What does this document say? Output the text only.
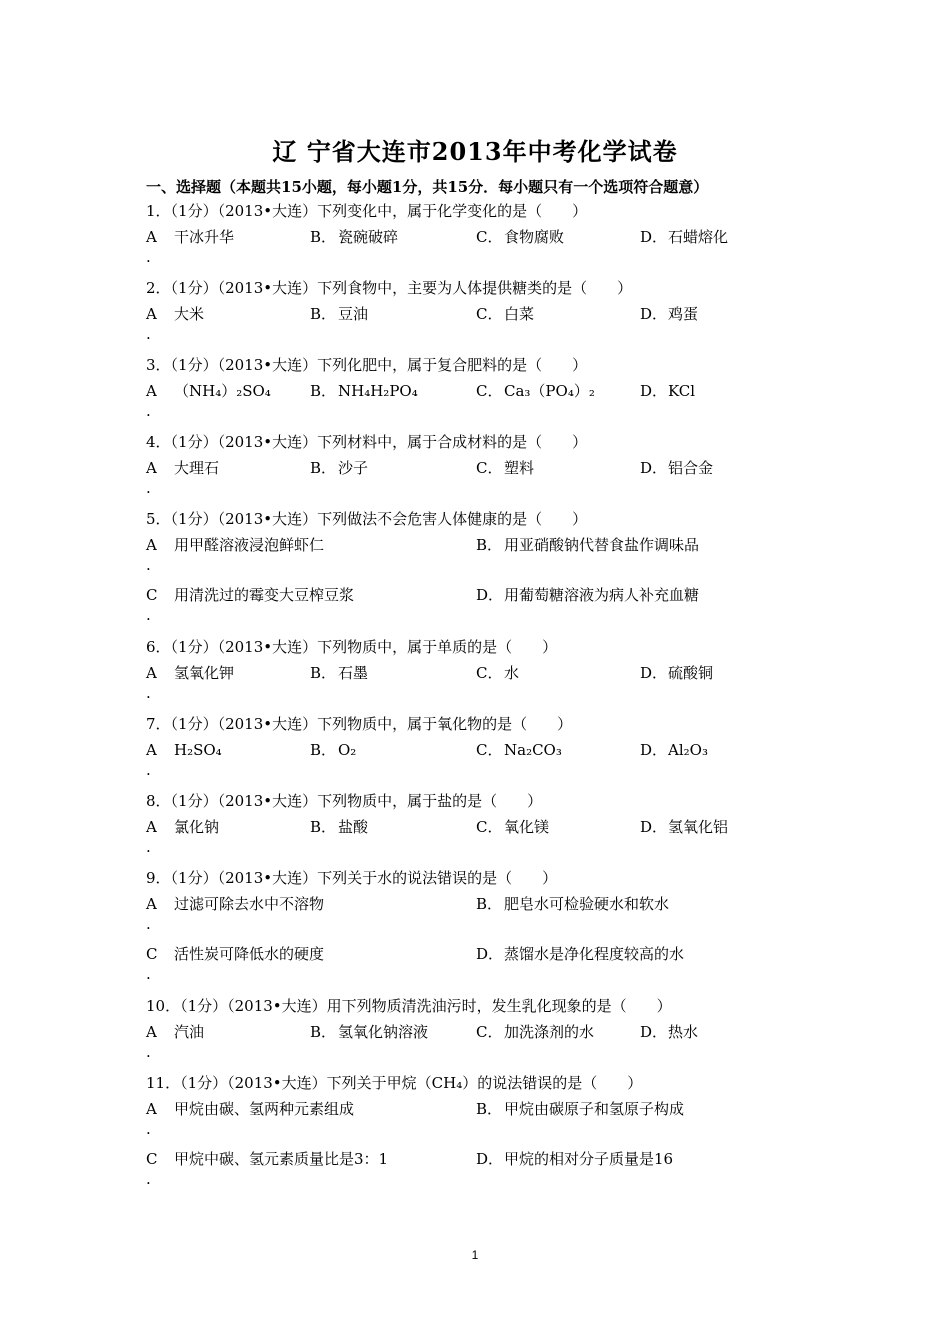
辽 宁省大连市2013年中考化学试卷
一、选择题（本题共15小题，每小题1分，共15分．每小题只有一个选项符合题意）
1．（1分）（2013•大连）下列变化中，属于化学变化的是（　　）
A 干冰升华	B． 瓷碗破碎	C． 食物腐败	D．石蜡熔化
.
2．（1分）（2013•大连）下列食物中，主要为人体提供糖类的是（　　）
A 大米	B． 豆油	C． 白菜	D．鸡蛋
.
3．（1分）（2013•大连）下列化肥中，属于复合肥料的是（　　）
A （NH₄）₂SO₄	B． NH₄H₂PO₄	C． Ca₃（PO₄）₂	D．KCl
.
4．（1分）（2013•大连）下列材料中，属于合成材料的是（　　）
A 大理石	B． 沙子	C． 塑料	D．铝合金
.
5．（1分）（2013•大连）下列做法不会危害人体健康的是（　　）
A 用甲醛溶液浸泡鲜虾仁	B． 用亚硝酸钠代替食盐作调味品
.
C 用清洗过的霉变大豆榨豆浆	D．用葡萄糖溶液为病人补充血糖
.
6．（1分）（2013•大连）下列物质中，属于单质的是（　　）
A 氢氧化钾	B． 石墨	C． 水	D．硫酸铜
.
7．（1分）（2013•大连）下列物质中，属于氧化物的是（　　）
A H₂SO₄	B． O₂	C． Na₂CO₃	D．Al₂O₃
.
8．（1分）（2013•大连）下列物质中，属于盐的是（　　）
A 氯化钠	B． 盐酸	C． 氧化镁	D．氢氧化铝
.
9．（1分）（2013•大连）下列关于水的说法错误的是（　　）
A 过滤可除去水中不溶物	B． 肥皂水可检验硬水和软水
.
C 活性炭可降低水的硬度	D．蒸馏水是净化程度较高的水
.
10．（1分）（2013•大连）用下列物质清洗油污时，发生乳化现象的是（　　）
A 汽油	B． 氢氧化钠溶液	C． 加洗涤剂的水	D．热水
.
11．（1分）（2013•大连）下列关于甲烷（CH₄）的说法错误的是（　　）
A 甲烷由碳、氢两种元素组成	B． 甲烷由碳原子和氢原子构成
.
C 甲烷中碳、氢元素质量比是3：1	D．甲烷的相对分子质量是16
.
1
